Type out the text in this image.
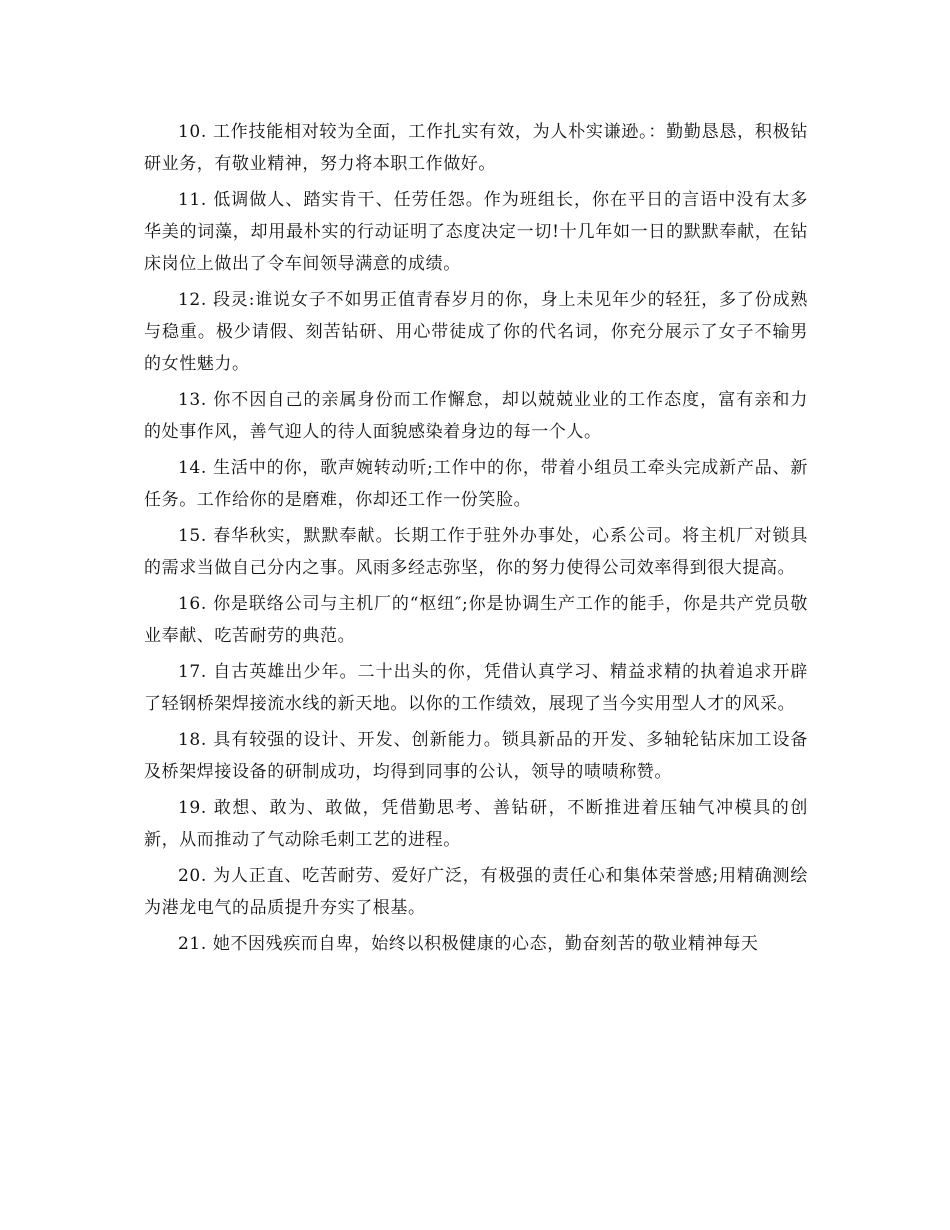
10. 工作技能相对较为全面，工作扎实有效，为人朴实谦逊。：勤勤恳恳，积极钻研业务，有敬业精神，努力将本职工作做好。

11. 低调做人、踏实肯干、任劳任怨。作为班组长，你在平日的言语中没有太多华美的词藻，却用最朴实的行动证明了态度决定一切!十几年如一日的默默奉献，在钻床岗位上做出了令车间领导满意的成绩。

12. 段灵:谁说女子不如男正值青春岁月的你，身上未见年少的轻狂，多了份成熟与稳重。极少请假、刻苦钻研、用心带徒成了你的代名词，你充分展示了女子不输男的女性魅力。

13. 你不因自己的亲属身份而工作懈怠，却以兢兢业业的工作态度，富有亲和力的处事作风，善气迎人的待人面貌感染着身边的每一个人。

14. 生活中的你，歌声婉转动听;工作中的你，带着小组员工牵头完成新产品、新任务。工作给你的是磨难，你却还工作一份笑脸。

15. 春华秋实，默默奉献。长期工作于驻外办事处，心系公司。将主机厂对锁具的需求当做自己分内之事。风雨多经志弥坚，你的努力使得公司效率得到很大提高。

16. 你是联络公司与主机厂的“枢纽″;你是协调生产工作的能手，你是共产党员敬业奉献、吃苦耐劳的典范。

17. 自古英雄出少年。二十出头的你，凭借认真学习、精益求精的执着追求开辟了轻钢桥架焊接流水线的新天地。以你的工作绩效，展现了当今实用型人才的风采。

18. 具有较强的设计、开发、创新能力。锁具新品的开发、多轴轮钻床加工设备及桥架焊接设备的研制成功，均得到同事的公认，领导的啧啧称赞。

19. 敢想、敢为、敢做，凭借勤思考、善钻研，不断推进着压轴气冲模具的创新，从而推动了气动除毛刺工艺的进程。

20. 为人正直、吃苦耐劳、爱好广泛，有极强的责任心和集体荣誉感;用精确测绘为港龙电气的品质提升夯实了根基。

21. 她不因残疾而自卑，始终以积极健康的心态，勤奋刻苦的敬业精神每天
